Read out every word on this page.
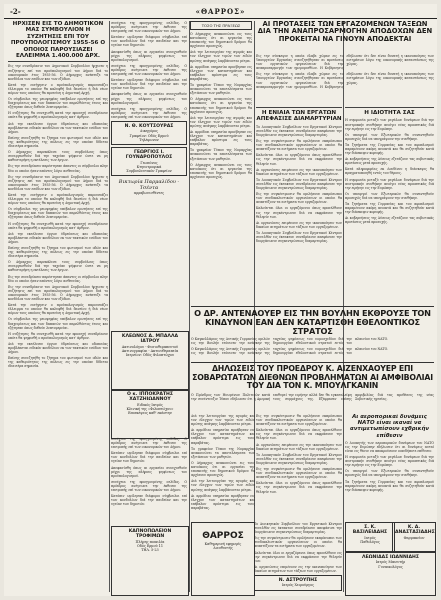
-2-	«ΘΑΡΡΟΣ»
ΗΡΧΙΣΕΝ ΕΙΣ ΤΟ ΔΗΜΟΤΙΚΟΝ ΜΑΣ ΣΥΜΒΟΥΛΙΟΝ Η ΣΥΖΗΤΗΣΙΣ ΕΠΙ ΤΟΥ ΠΡΟΥΠΟΛΟΓΙΣΜΟΥ 1955-56 Ο ΟΠΟΙΟΣ ΠΑΡΟΥΣΙΑΖΕΙ ΕΛΛΕΙΜΜΑ 1.400.000 ΔΡΧ.

Εις την συνεδρίασιν του Δημοτικού Συμβουλίου ήρχισεν η συζήτησις επί του προϋπολογισμού του Δήμου διά το οικονομικόν έτος 1955-56. Ο Δήμαρχος ανέπτυξε τα κονδύλια των εσόδων και των εξόδων.

Κατά την εισήγησιν ο προϋπολογισμός παρουσιάζει έλλειμμα το οποίον θα καλυφθή διά δανείου ή διά νέων πόρων τους οποίους θα προτείνη η Δημοτική Αρχή.

Οι σύμβουλοι της μειοψηφίας υπέβαλον ερωτήσεις επί της διαχειρίσεως και των δαπανών του παρελθόντος έτους και εζήτησαν όπως δοθούν λεπτομερείαι.

Η συζήτησις θα συνεχισθή κατά την προσεχή συνεδρίασιν οπότε θα ψηφισθή ο προϋπολογισμός κατ' άρθρον.

Διά την εκτέλεσιν έργων ύδρεύσεως και οδοποιίας προβλέπεται ειδικόν κονδύλιον εκ των τακτικών εσόδων του Δήμου.

Επίσης συνεζητήθη το ζήτημα του φωτισμού των οδών και της καθαριότητος της πόλεως εις την οποίαν δίδεται ιδιαιτέρα σημασία.

Ο Δήμαρχος παρεκάλεσε τους συμβούλους όπως συνεργασθούν διά την ταχείαν ψήφισιν ώστε να μη καθυστερήση η εκτέλεσις των έργων.

Εις την συνεδρίασιν παρέστησαν άπαντες οι σύμβουλοι πλην δύο οι οποίοι ήσαν απόντες λόγω ασθενείας.

Εις την συνεδρίασιν του Δημοτικού Συμβουλίου ήρχισεν η συζήτησις επί του προϋπολογισμού του Δήμου διά το οικονομικόν έτος 1955-56. Ο Δήμαρχος ανέπτυξε τα κονδύλια των εσόδων και των εξόδων.

Κατά την εισήγησιν ο προϋπολογισμός παρουσιάζει έλλειμμα το οποίον θα καλυφθή διά δανείου ή διά νέων πόρων τους οποίους θα προτείνη η Δημοτική Αρχή.

Οι σύμβουλοι της μειοψηφίας υπέβαλον ερωτήσεις επί της διαχειρίσεως και των δαπανών του παρελθόντος έτους και εζήτησαν όπως δοθούν λεπτομερείαι.

Η συζήτησις θα συνεχισθή κατά την προσεχή συνεδρίασιν οπότε θα ψηφισθή ο προϋπολογισμός κατ' άρθρον.

Διά την εκτέλεσιν έργων ύδρεύσεως και οδοποιίας προβλέπεται ειδικόν κονδύλιον εκ των τακτικών εσόδων του Δήμου.

Επίσης συνεζητήθη το ζήτημα του φωτισμού των οδών και της καθαριότητος της πόλεως εις την οποίαν δίδεται ιδιαιτέρα σημασία.

Ο Δήμαρχος παρεκάλεσε τους συμβούλους όπως συνεργασθούν διά την ταχείαν ψήφισιν ώστε να μη καθυστερήση η εκτέλεσις των έργων.

Εις την συνεδρίασιν παρέστησαν άπαντες οι σύμβουλοι πλην δύο οι οποίοι ήσαν απόντες λόγω ασθενείας.

Εις την συνεδρίασιν του Δημοτικού Συμβουλίου ήρχισεν η συζήτησις επί του προϋπολογισμού του Δήμου διά το οικονομικόν έτος 1955-56. Ο Δήμαρχος ανέπτυξε τα κονδύλια των εσόδων και των εξόδων.

Κατά την εισήγησιν ο προϋπολογισμός παρουσιάζει έλλειμμα το οποίον θα καλυφθή διά δανείου ή διά νέων πόρων τους οποίους θα προτείνη η Δημοτική Αρχή.

Οι σύμβουλοι της μειοψηφίας υπέβαλον ερωτήσεις επί της διαχειρίσεως και των δαπανών του παρελθόντος έτους και εζήτησαν όπως δοθούν λεπτομερείαι.

Η συζήτησις θα συνεχισθή κατά την προσεχή συνεδρίασιν οπότε θα ψηφισθή ο προϋπολογισμός κατ' άρθρον.

Διά την εκτέλεσιν έργων ύδρεύσεως και οδοποιίας προβλέπεται ειδικόν κονδύλιον εκ των τακτικών εσόδων του Δήμου.

Επίσης συνεζητήθη το ζήτημα του φωτισμού των οδών και της καθαριότητος της πόλεως εις την οποίαν δίδεται ιδιαιτέρα σημασία.

συνέχεια της προηγουμένης σελίδος. Ο πρόεδρος ανέγνωσε την έκθεσιν της επιτροπής επί των οικονομικών του Δήμου.

Κατόπιν ωμίλησαν διάφοροι σύμβουλοι επί των κονδυλίων διά την παιδείαν και την υγείαν των δημοτών.

Απεφασίσθη όπως αι εργασίαι συνεχισθούν μέχρι της πλήρους ψηφίσεως του προϋπολογισμού.

συνέχεια της προηγουμένης σελίδος. Ο πρόεδρος ανέγνωσε την έκθεσιν της επιτροπής επί των οικονομικών του Δήμου.

Κατόπιν ωμίλησαν διάφοροι σύμβουλοι επί των κονδυλίων διά την παιδείαν και την υγείαν των δημοτών.

Απεφασίσθη όπως αι εργασίαι συνεχισθούν μέχρι της πλήρους ψηφίσεως του προϋπολογισμού.

συνέχεια της προηγουμένης σελίδος. Ο πρόεδρος ανέγνωσε την έκθεσιν της επιτροπής επί των οικονομικών του Δήμου.

Ν. Θ. ΚΟΥΤΣΟΥΡΑΣ
Δικηγόρος
Γραφείον: Οδός Ερμού
Τηλέφωνον
ΓΕΩΡΓΙΟΣ Ι. ΓΟΥΝΑΡΟΠΟΥΛΟΣ
Γεωπόνος
Κτηνοτροφικά
Συμβουλευτικόν Γραφείον
Βικτωρία Παρμαλίδου - Τσέντα
αρραβωνισθέντες
ΤΟΣΟ ΤΗΣ ΠΡΑΞΕΩΣ

Ο Δήμαρχος ανακοινώνει εις τους κατοίκους ότι αι εργασίαι της επισκευής του δημοτικού δρόμου θα αρχίσουν προσεχώς.

Διά την λειτουργίαν της αγοράς και τον έλεγχον των τιμών των ειδών πρώτης ανάγκης λαμβάνονται μέτρα.

Αι αρμόδιαι υπηρεσίαι προέβησαν εις έλεγχον των καταστημάτων και επέβαλον πρόστιμα εις τους παραβάτας.

Το γραφείον Τύπου της Νομαρχίας ανακοινώνει τα αποτελέσματα των εξετάσεων των μαθητών.

Ο Δήμαρχος ανακοινώνει εις τους κατοίκους ότι αι εργασίαι της επισκευής του δημοτικού δρόμου θα αρχίσουν προσεχώς.

Διά την λειτουργίαν της αγοράς και τον έλεγχον των τιμών των ειδών πρώτης ανάγκης λαμβάνονται μέτρα.

Αι αρμόδιαι υπηρεσίαι προέβησαν εις έλεγχον των καταστημάτων και επέβαλον πρόστιμα εις τους παραβάτας.

Το γραφείον Τύπου της Νομαρχίας ανακοινώνει τα αποτελέσματα των εξετάσεων των μαθητών.

Ο Δήμαρχος ανακοινώνει εις τους κατοίκους ότι αι εργασίαι της επισκευής του δημοτικού δρόμου θα αρχίσουν προσεχώς.

ΑΙ ΠΡΟΤΑΣΕΙΣ ΤΩΝ ΕΡΓΑΖΟΜΕΝΩΝ ΤΑΞΕΩΝ ΔΙΑ ΤΗΝ ΑΝΑΠΡΟΣΑΡΜΟΓΗΝ ΑΠΟΔΟΧΩΝ ΔΕΝ ΠΡΟΚΕΙΤΑΙ ΝΑ ΓΙΝΟΥΝ ΑΠΟΔΕΚΤΑΙ

Εις την σύσκεψιν η οποία έλαβε χώραν εις το Υπουργείον Εργασίας συνεζητήθησαν αι προτάσεις των εργατικών οργανώσεων διά την αναπροσαρμογήν των ημερομισθίων. Η Κυβέρνησις εδήλωσεν ότι δεν είναι δυνατή η ικανοποίησις των αιτημάτων λόγω της οικονομικής καταστάσεως της χώρας.

Εις την σύσκεψιν η οποία έλαβε χώραν εις το Υπουργείον Εργασίας συνεζητήθησαν αι προτάσεις των εργατικών οργανώσεων διά την αναπροσαρμογήν των ημερομισθίων. Η Κυβέρνησις εδήλωσεν ότι δεν είναι δυνατή η ικανοποίησις των αιτημάτων λόγω της οικονομικής καταστάσεως της χώρας.

Ο ΔΡ. ΑΝΤΕΝΑΟΥΕΡ ΕΙΣ ΤΗΝ ΒΟΥΛΗΝ ΕΚΘΡΟΥΣΕ ΤΟΝ ΚΙΝΔΥΝΟΝ ΕΑΝ ΔΕΝ ΚΑΤΑΡΤΙΣΘΗ ΕΘΕΛΟΝΤΙΚΟΣ ΣΤΡΑΤΟΣ

Ο Καγκελλάριος της Δυτικής Γερμανίας ομιλών εις την Βουλήν ετόνισεν την ανάγκην της ταχείας ψηφίσεως του νομοσχεδίου διά την δημιουργίαν εθελοντικού στρατού εντός του πλαισίου του ΝΑΤΟ.

Ο Καγκελλάριος της Δυτικής Γερμανίας ομιλών εις την Βουλήν ετόνισεν την ανάγκην της ταχείας ψηφίσεως του νομοσχεδίου διά την δημιουργίαν εθελοντικού στρατού εντός του πλαισίου του ΝΑΤΟ.

ΔΗΛΩΣΕΙΣ ΤΟΥ ΠΡΟΕΔΡΟΥ Κ. ΑΙΖΕΝΧΑΟΥΕΡ ΕΠΙ ΣΟΒΑΡΩΤΑΤΩΝ ΔΙΕΘΝΩΝ ΠΡΟΒΛΗΜΑΤΩΝ ΑΙ ΑΜΦΙΒΟΛΙΑΙ ΤΟΥ ΔΙΑ ΤΟΝ Κ. ΜΠΟΥΛΓΚΑΝΙΝ

Ο Πρόεδρος των Ηνωμένων Πολιτειών κατά την συνέντευξιν Τύπου εδήλωσεν ότι η Αμερική επιθυμεί την ειρήνην αλλά δεν θα εγκαταλείψη τους συμμάχους της. Εξέφρασεν επίσης αμφιβολίας διά τας προθέσεις της νέας Σοβιετικής ηγεσίας.

Η ΕΝΙΑΙΑ ΤΩΝ ΕΡΓΑΤΩΝ ΑΠΕΦΑΣΙΣΕ ΔΙΑΜΑΡΤΥΡΙΑΝ

Το Διοικητικόν Συμβούλιον του Εργατικού Κέντρου συνελθόν εις έκτακτον συνεδρίασιν απεφάσισε την διοργάνωσιν συγκεντρώσεως διαμαρτυρίας.

Εις την συγκέντρωσιν θα ομιλήσουν εκπρόσωποι των συνδικαλιστικών οργανώσεων οι οποίοι θα αναπτύξουν τα αιτήματα των εργαζομένων.

Καλούνται όλοι οι εργαζόμενοι όπως προσέλθουν εις την συγκέντρωσιν διά να εκφράσουν την θέλησίν των.

Αι οργανώσεις επιμένουν εις την ικανοποίησιν των δικαίων αιτημάτων των τάξεων των εργαζομένων.

Το Διοικητικόν Συμβούλιον του Εργατικού Κέντρου συνελθόν εις έκτακτον συνεδρίασιν απεφάσισε την διοργάνωσιν συγκεντρώσεως διαμαρτυρίας.

Εις την συγκέντρωσιν θα ομιλήσουν εκπρόσωποι των συνδικαλιστικών οργανώσεων οι οποίοι θα αναπτύξουν τα αιτήματα των εργαζομένων.

Καλούνται όλοι οι εργαζόμενοι όπως προσέλθουν εις την συγκέντρωσιν διά να εκφράσουν την θέλησίν των.

Αι οργανώσεις επιμένουν εις την ικανοποίησιν των δικαίων αιτημάτων των τάξεων των εργαζομένων.

Το Διοικητικόν Συμβούλιον του Εργατικού Κέντρου συνελθόν εις έκτακτον συνεδρίασιν απεφάσισε την διοργάνωσιν συγκεντρώσεως διαμαρτυρίας.

Η ΙΔΙΟΤΗΤΑ ΣΑΣ

Η συμφωνία μεταξύ των μεγάλων δυνάμεων διά την αυστριακήν συνθήκην ανοίγει νέας προοπτικάς διά την ειρήνην εις την Ευρώπην.

Οι υπουργοί των Εξωτερικών θα συναντηθούν προσεχώς διά να υπογράψουν την συνθήκην.

Τα ζητήματα της Γερμανίας και του αφοπλισμού παραμένουν ακόμη ανοικτά και θα συζητηθούν κατά την διάσκεψιν κορυφής.

Αι κυβερνήσεις της Δύσεως εξετάζουν τας σοβιετικάς προτάσεις μετά προσοχής.

Κατά πληροφορίας εκ Λονδίνου η διάσκεψις θα πραγματοποιηθή εντός του θέρους.

Η συμφωνία μεταξύ των μεγάλων δυνάμεων διά την αυστριακήν συνθήκην ανοίγει νέας προοπτικάς διά την ειρήνην εις την Ευρώπην.

Οι υπουργοί των Εξωτερικών θα συναντηθούν προσεχώς διά να υπογράψουν την συνθήκην.

Τα ζητήματα της Γερμανίας και του αφοπλισμού παραμένουν ακόμη ανοικτά και θα συζητηθούν κατά την διάσκεψιν κορυφής.

Αι κυβερνήσεις της Δύσεως εξετάζουν τας σοβιετικάς προτάσεις μετά προσοχής.

Διά την λειτουργίαν της αγοράς και τον έλεγχον των τιμών των ειδών πρώτης ανάγκης λαμβάνονται μέτρα.

Αι αρμόδιαι υπηρεσίαι προέβησαν εις έλεγχον των καταστημάτων και επέβαλον πρόστιμα εις τους παραβάτας.

Το γραφείον Τύπου της Νομαρχίας ανακοινώνει τα αποτελέσματα των εξετάσεων των μαθητών.

Ο Δήμαρχος ανακοινώνει εις τους κατοίκους ότι αι εργασίαι της επισκευής του δημοτικού δρόμου θα αρχίσουν προσεχώς.

Διά την λειτουργίαν της αγοράς και τον έλεγχον των τιμών των ειδών πρώτης ανάγκης λαμβάνονται μέτρα.

Αι αρμόδιαι υπηρεσίαι προέβησαν εις έλεγχον των καταστημάτων και επέβαλον πρόστιμα εις τους παραβάτας.

Εις την συγκέντρωσιν θα ομιλήσουν εκπρόσωποι των συνδικαλιστικών οργανώσεων οι οποίοι θα αναπτύξουν τα αιτήματα των εργαζομένων.

Καλούνται όλοι οι εργαζόμενοι όπως προσέλθουν εις την συγκέντρωσιν διά να εκφράσουν την θέλησίν των.

Αι οργανώσεις επιμένουν εις την ικανοποίησιν των δικαίων αιτημάτων των τάξεων των εργαζομένων.

Το Διοικητικόν Συμβούλιον του Εργατικού Κέντρου συνελθόν εις έκτακτον συνεδρίασιν απεφάσισε την διοργάνωσιν συγκεντρώσεως διαμαρτυρίας.

Εις την συγκέντρωσιν θα ομιλήσουν εκπρόσωποι των συνδικαλιστικών οργανώσεων οι οποίοι θα αναπτύξουν τα αιτήματα των εργαζομένων.

Καλούνται όλοι οι εργαζόμενοι όπως προσέλθουν εις την συγκέντρωσιν διά να εκφράσουν την θέλησίν των.

Αι αεροπορικαί δυνάμεις ΝΑΤΟ είναι ικαναί να αντιμετωπίσουν εχθρικήν επίθεσιν

Ο Διοικητής των αεροπορικών δυνάμεων του ΝΑΤΟ εις την Ευρώπην εδήλωσεν ότι αι δυνάμεις αυταί είναι εις θέσιν να αποκρούσουν οιανδήποτε επίθεσιν.

Η συμφωνία μεταξύ των μεγάλων δυνάμεων διά την αυστριακήν συνθήκην ανοίγει νέας προοπτικάς διά την ειρήνην εις την Ευρώπην.

Οι υπουργοί των Εξωτερικών θα συναντηθούν προσεχώς διά να υπογράψουν την συνθήκην.

Τα ζητήματα της Γερμανίας και του αφοπλισμού παραμένουν ακόμη ανοικτά και θα συζητηθούν κατά την διάσκεψιν κορυφής.

ΚΛΕΩΝΟΣ Α. ΜΠΑΛΛΑ
ΙΑΤΡΟΥ
Ακτινολόγου - Φυσιοθεραπευτού
Ακτινογραφίαι - Ακτινοθεραπεία
Ιατρείον: Οδός Φιλοπτώχου
Ο κ. ΙΠΠΟΚΡΑΤΗΣ ΧΑΤΖΗΙΩΑΝΝΟΥ
Ειδικός Ιατρός
Κλινική της «Φιλοπτώχου»
Επισκέψεις καθ' εκάστην

συνέχεια της προηγουμένης σελίδος. Ο πρόεδρος ανέγνωσε την έκθεσιν της επιτροπής επί των οικονομικών του Δήμου.

Κατόπιν ωμίλησαν διάφοροι σύμβουλοι επί των κονδυλίων διά την παιδείαν και την υγείαν των δημοτών.

Απεφασίσθη όπως αι εργασίαι συνεχισθούν μέχρι της πλήρους ψηφίσεως του προϋπολογισμού.

συνέχεια της προηγουμένης σελίδος. Ο πρόεδρος ανέγνωσε την έκθεσιν της επιτροπής επί των οικονομικών του Δήμου.

Κατόπιν ωμίλησαν διάφοροι σύμβουλοι επί των κονδυλίων διά την παιδείαν και την υγείαν των δημοτών.

ΚΑΠΝΟΠΩΛΕΙΟΝ ΤΡΟΦΙΜΩΝ
Πλήρης ποικιλία
Οδός Ερμού 11
ΤΗΛ. 5-23
ΘΑΡΡΟΣ
Καθημερινή εφημερίς
Διευθυντής

Το Διοικητικόν Συμβούλιον του Εργατικού Κέντρου συνελθόν εις έκτακτον συνεδρίασιν απεφάσισε την διοργάνωσιν συγκεντρώσεως διαμαρτυρίας.

Εις την συγκέντρωσιν θα ομιλήσουν εκπρόσωποι των συνδικαλιστικών οργανώσεων οι οποίοι θα αναπτύξουν τα αιτήματα των εργαζομένων.

Καλούνται όλοι οι εργαζόμενοι όπως προσέλθουν εις την συγκέντρωσιν διά να εκφράσουν την θέλησίν των.

Αι οργανώσεις επιμένουν εις την ικανοποίησιν των δικαίων αιτημάτων των τάξεων των εργαζομένων.

Ν. ΑΣΤΡΟΥΠΗΣ
Ιατρός Χειρούργος
Σ. Κ. ΒΑΣΙΛΕΙΑΔΗΣ
Ιατρός
Παθολόγος
Κ. Δ. ΑΝΑΣΤΑΣΙΑΔΗΣ
Φαρμακείον
ΛΕΩΝΙΔΑΣ ΙΩΑΝΝΙΔΗΣ
Ιατρός Μαιευτήρ
Γυναικολόγος
